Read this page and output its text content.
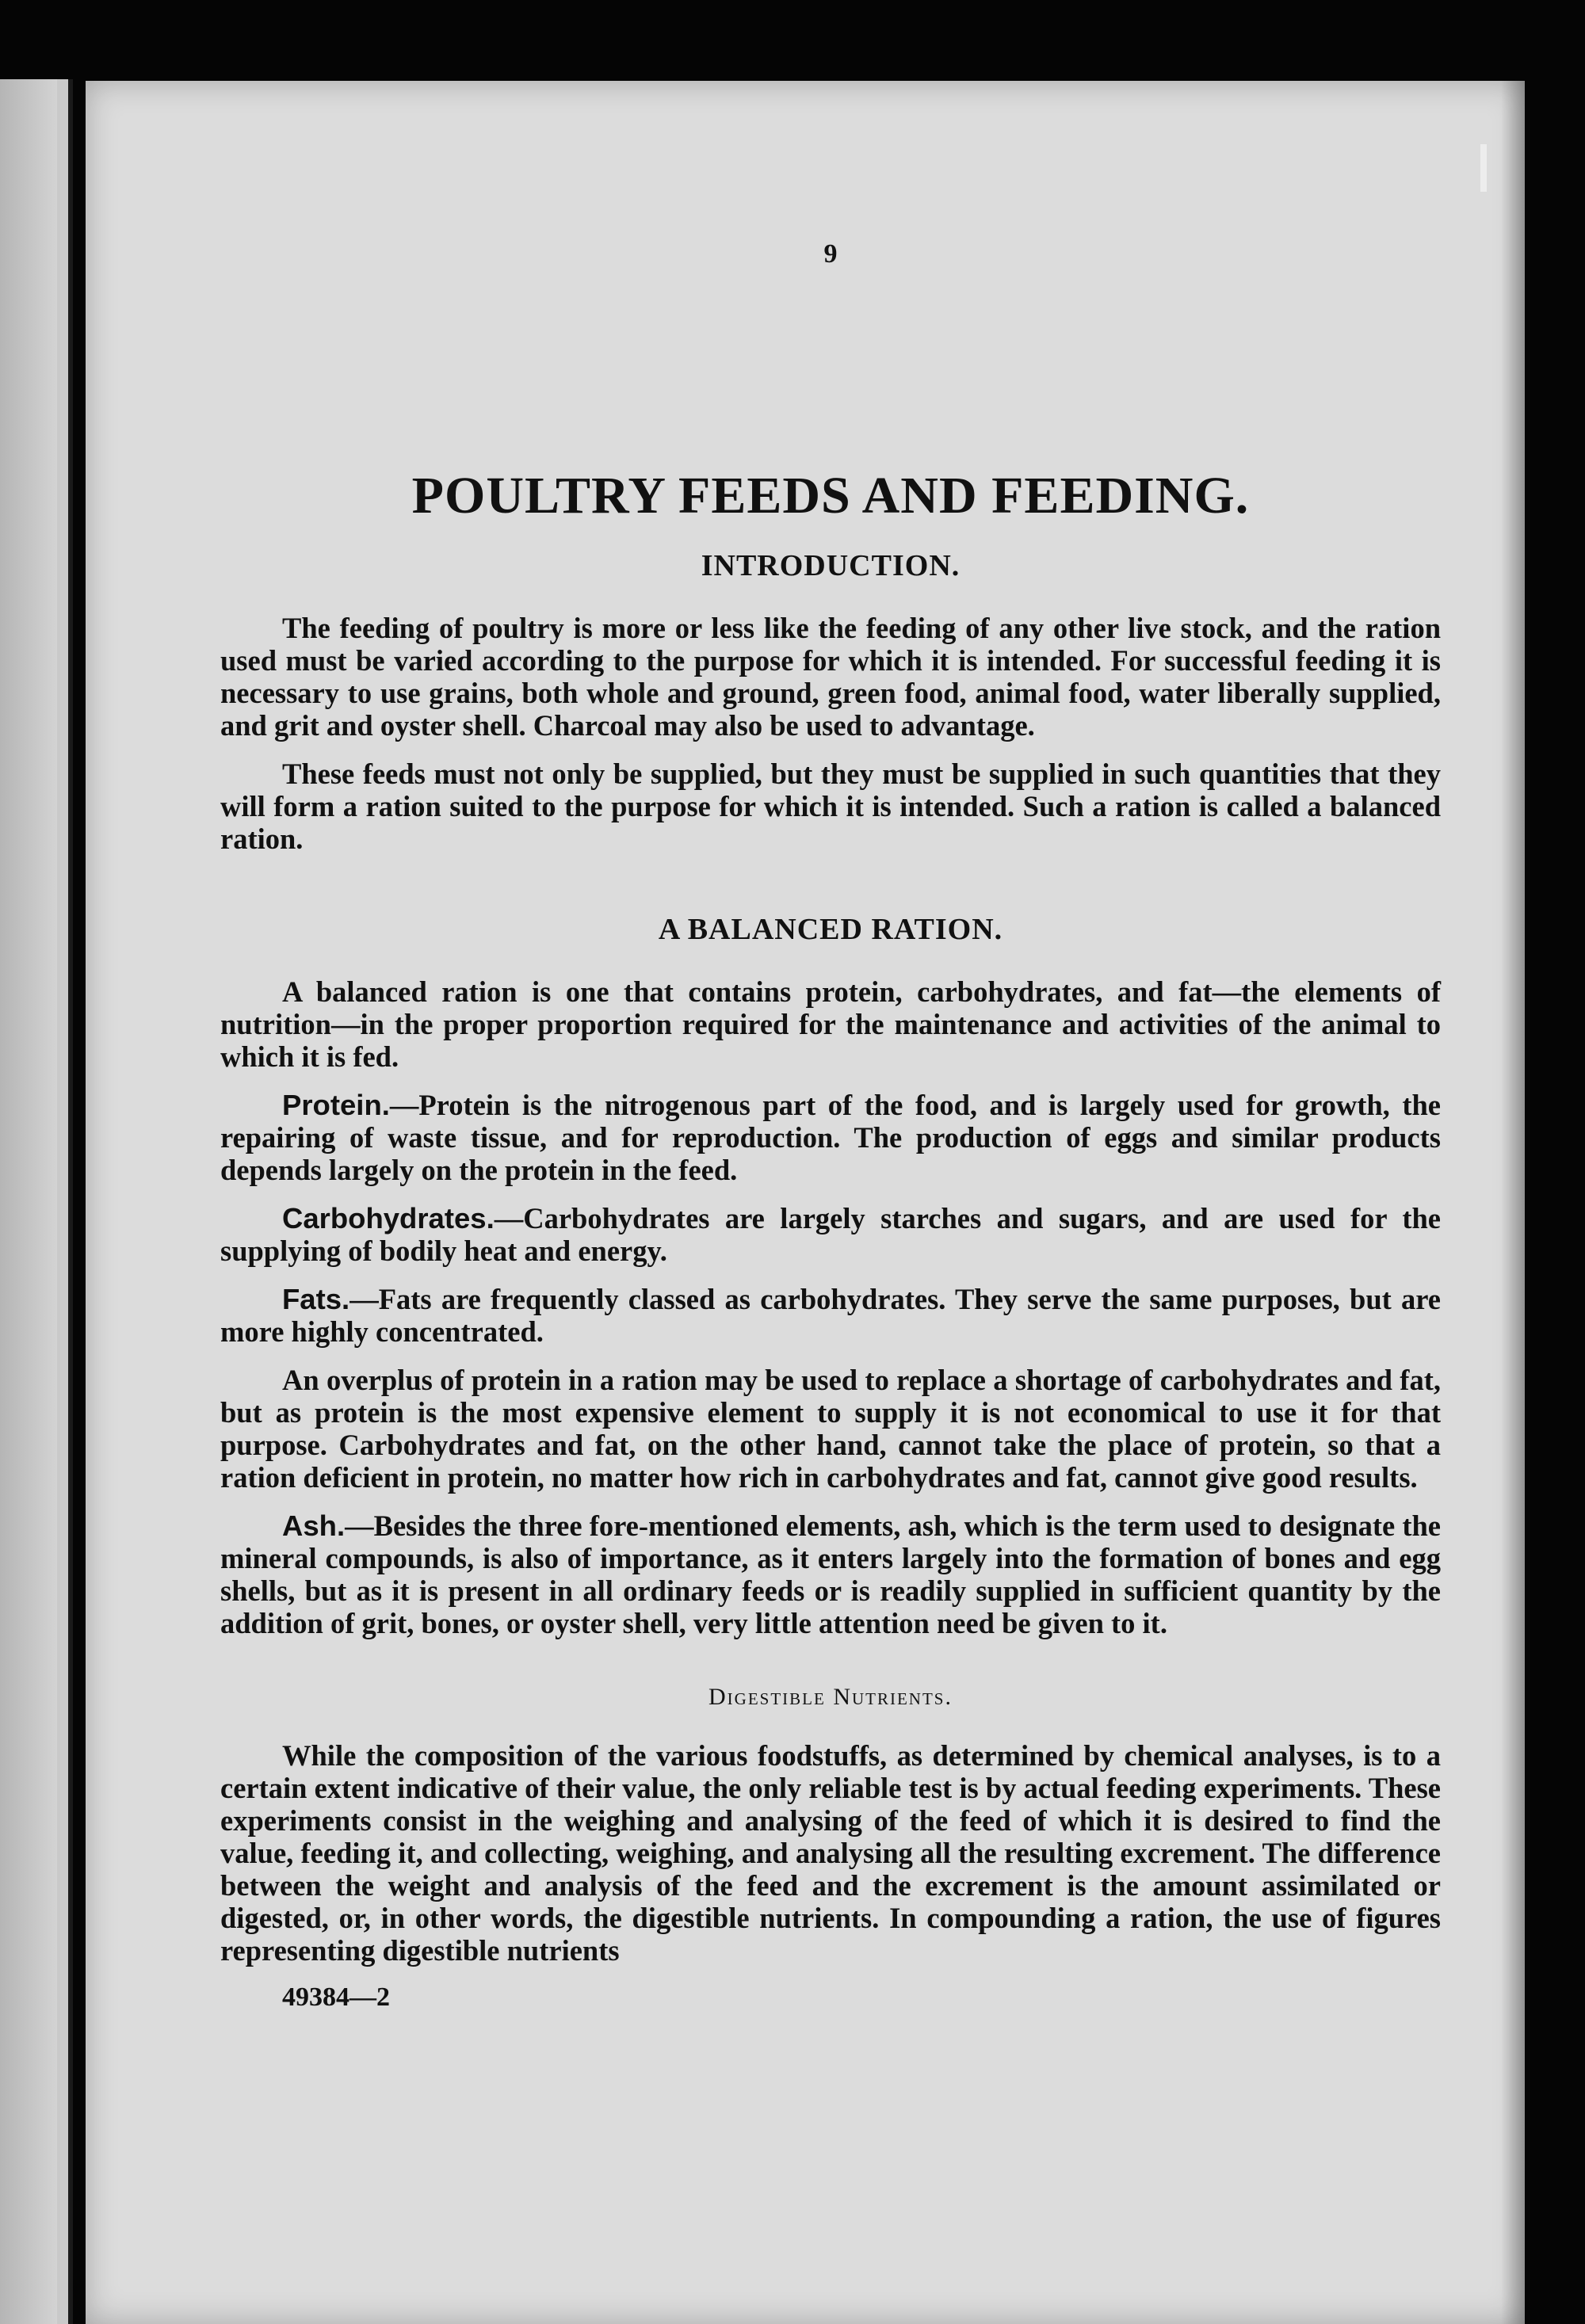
9
POULTRY FEEDS AND FEEDING.
INTRODUCTION.

The feeding of poultry is more or less like the feeding of any other live stock, and the ration used must be varied according to the purpose for which it is intended. For successful feeding it is necessary to use grains, both whole and ground, green food, animal food, water liberally supplied, and grit and oyster shell. Charcoal may also be used to advantage.

These feeds must not only be supplied, but they must be supplied in such quantities that they will form a ration suited to the purpose for which it is intended. Such a ration is called a balanced ration.

A BALANCED RATION.

A balanced ration is one that contains protein, carbohydrates, and fat—the elements of nutrition—in the proper proportion required for the maintenance and activities of the animal to which it is fed.

Protein.—Protein is the nitrogenous part of the food, and is largely used for growth, the repairing of waste tissue, and for reproduction. The production of eggs and similar products depends largely on the protein in the feed.

Carbohydrates.—Carbohydrates are largely starches and sugars, and are used for the supplying of bodily heat and energy.

Fats.—Fats are frequently classed as carbohydrates. They serve the same purposes, but are more highly concentrated.

An overplus of protein in a ration may be used to replace a shortage of carbohydrates and fat, but as protein is the most expensive element to supply it is not economical to use it for that purpose. Carbohydrates and fat, on the other hand, cannot take the place of protein, so that a ration deficient in protein, no matter how rich in carbohydrates and fat, cannot give good results.

Ash.—Besides the three fore-mentioned elements, ash, which is the term used to designate the mineral compounds, is also of importance, as it enters largely into the formation of bones and egg shells, but as it is present in all ordinary feeds or is readily supplied in sufficient quantity by the addition of grit, bones, or oyster shell, very little attention need be given to it.

Digestible Nutrients.

While the composition of the various foodstuffs, as determined by chemical analyses, is to a certain extent indicative of their value, the only reliable test is by actual feeding experiments. These experiments consist in the weighing and analysing of the feed of which it is desired to find the value, feeding it, and collecting, weighing, and analysing all the resulting excrement. The difference between the weight and analysis of the feed and the excrement is the amount assimilated or digested, or, in other words, the digestible nutrients. In compounding a ration, the use of figures representing digestible nutrients

49384—2
